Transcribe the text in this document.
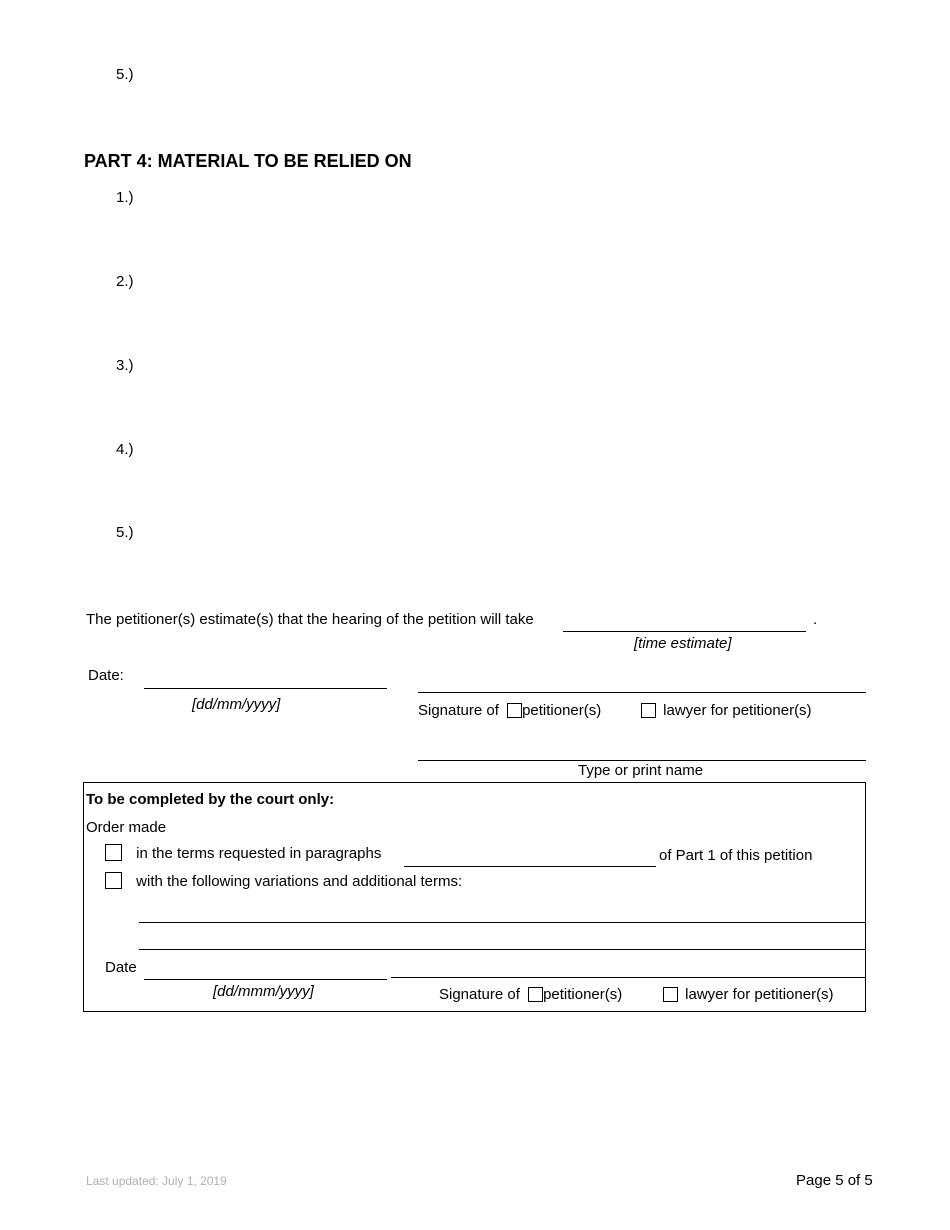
5.)
PART 4: MATERIAL TO BE RELIED ON
1.)
2.)
3.)
4.)
5.)
The petitioner(s) estimate(s) that the hearing of the petition will take	.
[time estimate]
Date:
[dd/mm/yyyy]	Signature of petitioner(s)	lawyer for petitioner(s)
Type or print name
To be completed by the court only:
Order made
in the terms requested in paragraphs	of Part 1 of this petition
with the following variations and additional terms:
Date
[dd/mmm/yyyy]	Signature of petitioner(s)	lawyer for petitioner(s)
Last updated: July 1, 2019	Page 5 of 5
